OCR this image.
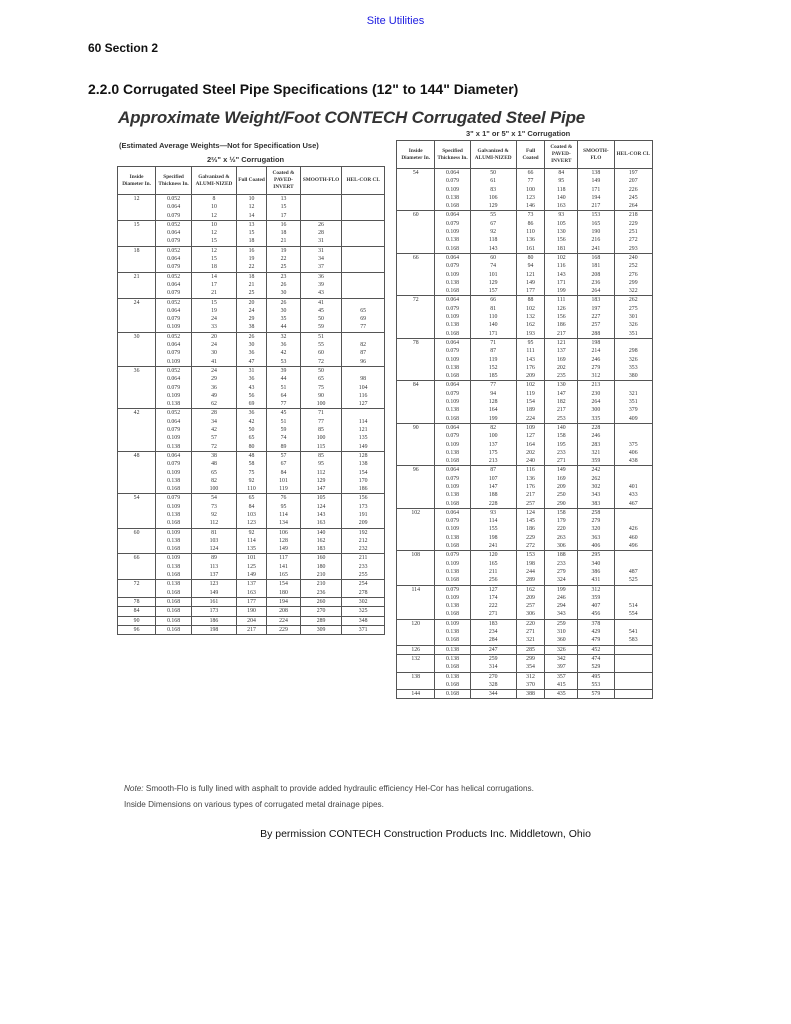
Site Utilities
60 Section 2
2.2.0 Corrugated Steel Pipe Specifications (12" to 144" Diameter)
Approximate Weight/Foot CONTECH Corrugated Steel Pipe
(Estimated Average Weights—Not for Specification Use)
2⅔" x ½" Corrugation
3" x 1" or 5" x 1" Corrugation
Inside Diameter In.	Specified Thickness In.	Galvanized & ALUMI-NIZED	Full Coated	Coated & PAVED-INVERT	SMOOTH-FLO	HEL-COR CL
12	0.052	8	10	13		
	0.064	10	12	15		
	0.079	12	14	17		
15	0.052	10	13	16	26	
	0.064	12	15	18	28	
	0.079	15	18	21	31	
18	0.052	12	16	19	31	
	0.064	15	19	22	34	
	0.079	18	22	25	37	
21	0.052	14	18	23	36	
	0.064	17	21	26	39	
	0.079	21	25	30	43	
24	0.052	15	20	26	41	
	0.064	19	24	30	45	65
	0.079	24	29	35	50	69
	0.109	33	38	44	59	77
30	0.052	20	26	32	51	
	0.064	24	30	36	55	82
	0.079	30	36	42	60	87
	0.109	41	47	53	72	96
36	0.052	24	31	39	50	
	0.064	29	36	44	65	98
	0.079	36	43	51	75	104
	0.109	49	56	64	90	116
	0.138	62	69	77	100	127
42	0.052	28	36	45	71	
	0.064	34	42	51	77	114
	0.079	42	50	59	85	121
	0.109	57	65	74	100	135
	0.138	72	80	89	115	149
48	0.064	38	48	57	85	128
	0.079	48	58	67	95	138
	0.109	65	75	84	112	154
	0.138	82	92	101	129	170
	0.168	100	110	119	147	186
54	0.079	54	65	76	105	156
	0.109	73	84	95	124	173
	0.138	92	103	114	143	191
	0.168	112	123	134	163	209
60	0.109	81	92	106	140	192
	0.138	103	114	128	162	212
	0.168	124	135	149	183	232
66	0.109	89	101	117	160	211
	0.138	113	125	141	180	233
	0.168	137	149	165	210	255
72	0.138	123	137	154	210	254
	0.168	149	163	180	236	278
78	0.168	161	177	194	260	302
84	0.168	173	190	208	270	325
90	0.168	186	204	224	289	348
96	0.168	198	217	229	309	371
Inside Diameter In.	Specified Thickness In.	Galvanized & ALUMI-NIZED	Full Coated	Coated & PAVED-INVERT	SMOOTH-FLO	HEL-COR CL
54	0.064	50	66	84	138	197
	0.079	61	77	95	149	207
	0.109	83	100	118	171	226
	0.138	106	123	140	194	245
	0.168	129	146	163	217	264
60	0.064	55	73	93	153	218
	0.079	67	86	105	165	229
	0.109	92	110	130	190	251
	0.138	118	136	156	216	272
	0.168	143	161	181	241	293
66	0.064	60	80	102	168	240
	0.079	74	94	116	181	252
	0.109	101	121	143	208	276
	0.138	129	149	171	236	299
	0.168	157	177	199	264	322
72	0.064	66	88	111	183	262
	0.079	81	102	126	197	275
	0.109	110	132	156	227	301
	0.138	140	162	186	257	326
	0.168	171	193	217	288	351
78	0.064	71	95	121	198	
	0.079	87	111	137	214	298
	0.109	119	143	169	246	326
	0.138	152	176	202	279	353
	0.168	185	209	235	312	380
84	0.064	77	102	130	213	
	0.079	94	119	147	230	321
	0.109	128	154	182	264	351
	0.138	164	189	217	300	379
	0.168	199	224	253	335	409
90	0.064	82	109	140	228	
	0.079	100	127	158	246	
	0.109	137	164	195	283	375
	0.138	175	202	233	321	406
	0.168	213	240	271	359	438
96	0.064	87	116	149	242	
	0.079	107	136	169	262	
	0.109	147	176	209	302	401
	0.138	188	217	250	343	433
	0.168	228	257	290	383	467
102	0.064	93	124	158	258	
	0.079	114	145	179	279	
	0.109	155	186	220	320	426
	0.138	198	229	263	363	460
	0.168	241	272	306	406	496
108	0.079	120	153	188	295	
	0.109	165	198	233	340	
	0.138	211	244	279	386	487
	0.168	256	289	324	431	525
114	0.079	127	162	199	312	
	0.109	174	209	246	359	
	0.138	222	257	294	407	514
	0.168	271	306	343	456	554
120	0.109	183	220	259	378	
	0.138	234	271	310	429	541
	0.168	284	321	360	479	583
126	0.138	247	285	326	452	
132	0.138	259	299	342	474	
	0.168	314	354	397	529	
138	0.138	270	312	357	495	
	0.168	328	370	415	553	
144	0.168	344	388	435	579	
Note: Smooth-Flo is fully lined with asphalt to provide added hydraulic efficiency Hel-Cor has helical corrugations.
Inside Dimensions on various types of corrugated metal drainage pipes.
By permission CONTECH Construction Products Inc. Middletown, Ohio
